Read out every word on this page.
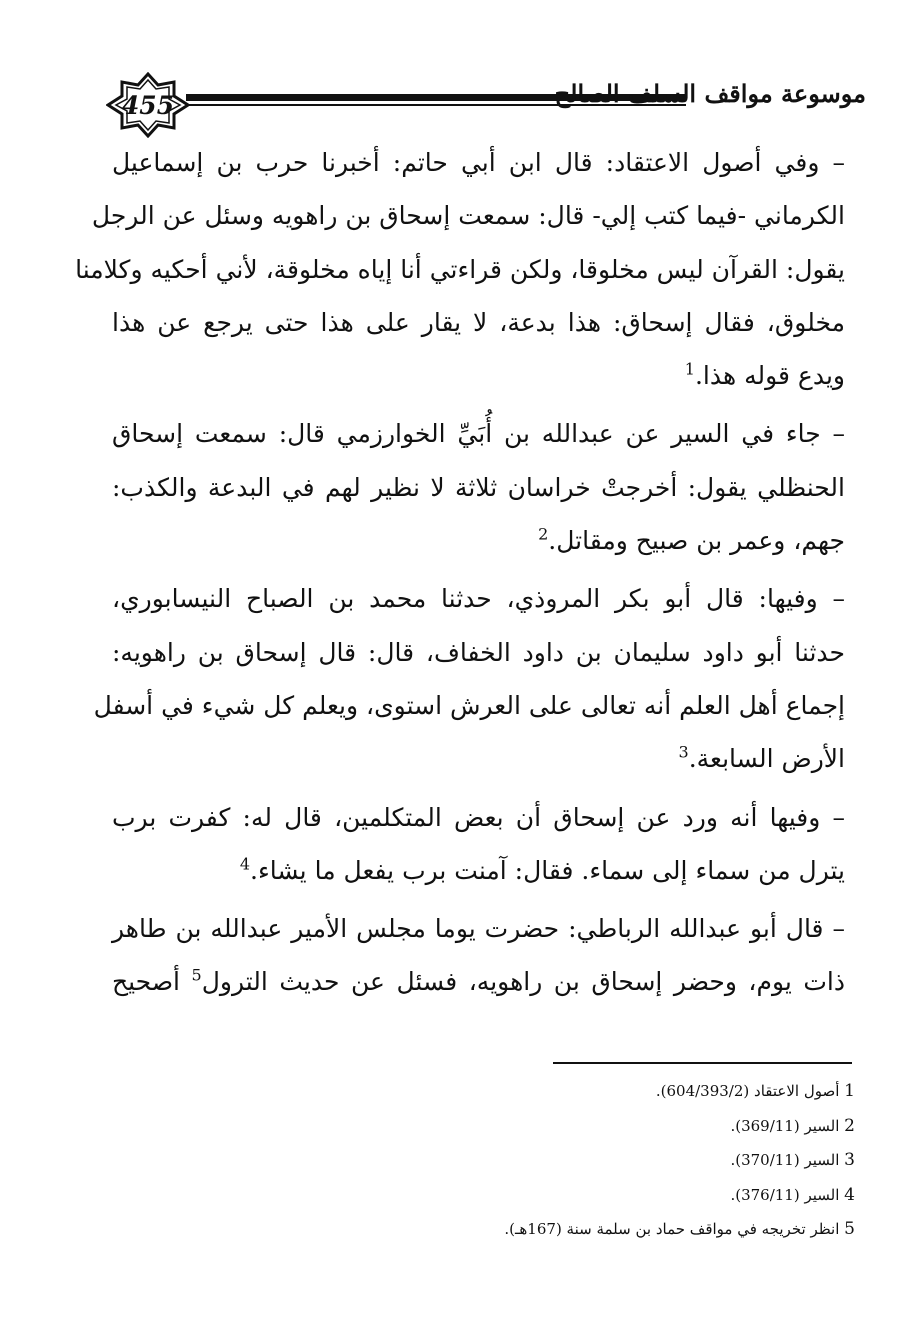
455	موسوعة مواقف السلف الصالح
– وفي أصول الاعتقاد: قال ابن أبي حاتم: أخبرنا حرب بن إسماعيل
الكرماني -فيما كتب إلي- قال: سمعت إسحاق بن راهويه وسئل عن الرجل
يقول: القرآن ليس مخلوقا، ولكن قراءتي أنا إياه مخلوقة، لأني أحكيه وكلامنا
مخلوق، فقال إسحاق: هذا بدعة، لا يقار على هذا حتى يرجع عن هذا
ويدع قوله هذا.$^1$
– جاء في السير عن عبدالله بن أُبَيِّ الخوارزمي قال: سمعت إسحاق
الحنظلي يقول: أخرجتْ خراسان ثلاثة لا نظير لهم في البدعة والكذب:
جهم، وعمر بن صبيح ومقاتل.$^2$
– وفيها: قال أبو بكر المروذي، حدثنا محمد بن الصباح النيسابوري،
حدثنا أبو داود سليمان بن داود الخفاف، قال: قال إسحاق بن راهويه:
إجماع أهل العلم أنه تعالى على العرش استوى، ويعلم كل شيء في أسفل
الأرض السابعة.$^3$
– وفيها أنه ورد عن إسحاق أن بعض المتكلمين، قال له: كفرت برب
يترل من سماء إلى سماء. فقال: آمنت برب يفعل ما يشاء.$^4$
– قال أبو عبدالله الرباطي: حضرت يوما مجلس الأمير عبدالله بن طاهر
ذات يوم، وحضر إسحاق بن راهويه، فسئل عن حديث الترول$^5$ أصحيح
1 أصول الاعتقاد (604/393/2).
2 السير (369/11).
3 السير (370/11).
4 السير (376/11).
5 انظر تخريجه في مواقف حماد بن سلمة سنة (167هـ).
